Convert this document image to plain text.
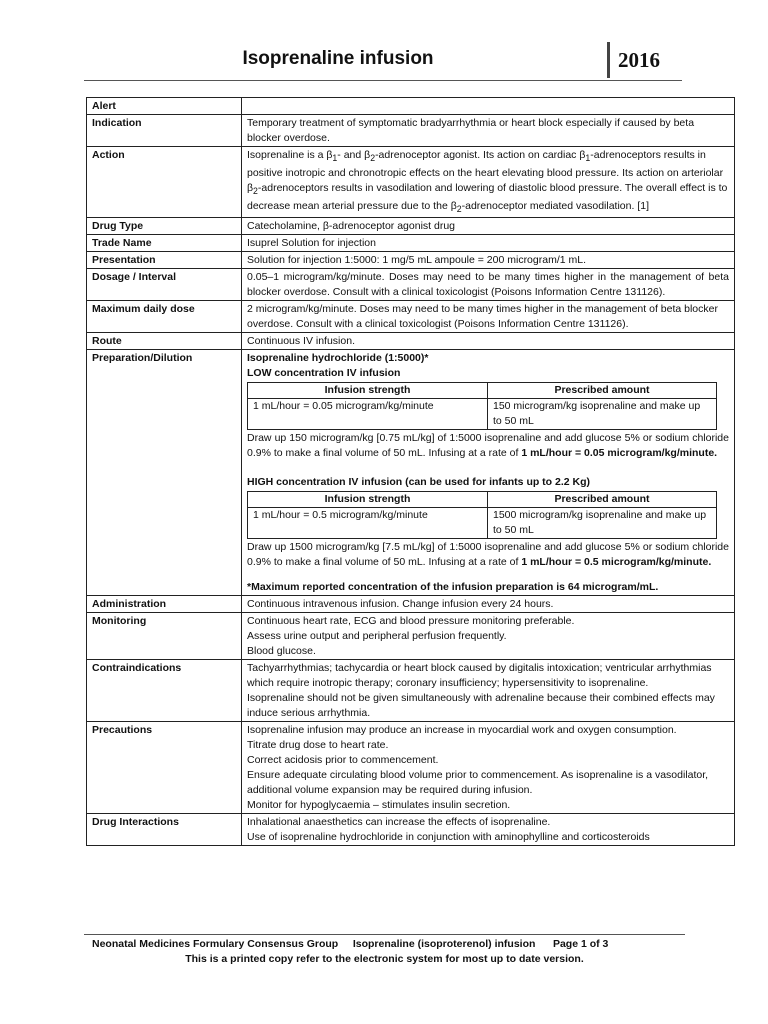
Isoprenaline infusion	2016
Alert	
Indication	Temporary treatment of symptomatic bradyarrhythmia or heart block especially if caused by beta blocker overdose.
Action	Isoprenaline is a $\beta_1-$ and $\beta_2$-adrenoceptor agonist. Its action on cardiac $\beta_1$-adrenoceptors results in positive inotropic and chronotropic effects on the heart elevating blood pressure. Its action on arteriolar $\beta_2$-adrenoceptors results in vasodilation and lowering of diastolic blood pressure. The overall effect is to decrease mean arterial pressure due to the $\beta_2$-adrenoceptor mediated vasodilation. [1]
Drug Type	Catecholamine, β-adrenoceptor agonist drug
Trade Name	Isuprel Solution for injection
Presentation	Solution for injection 1:5000: 1 mg/5 mL ampoule = 200 microgram/1 mL.
Dosage / Interval	0.05–1 microgram/kg/minute. Doses may need to be many times higher in the management of beta blocker overdose. Consult with a clinical toxicologist (Poisons Information Centre 131126).
Maximum daily dose	2 microgram/kg/minute. Doses may need to be many times higher in the management of beta blocker overdose. Consult with a clinical toxicologist (Poisons Information Centre 131126).
Route	Continuous IV infusion.
Preparation/Dilution	Isoprenaline hydrochloride (1:5000)*

LOW concentration IV infusion

Infusion strength	Prescribed amount
1 mL/hour = 0.05 microgram/kg/minute	150 microgram/kg isoprenaline and make up to 50 mL

Draw up 150 microgram/kg [0.75 mL/kg] of 1:5000 isoprenaline and add glucose 5% or sodium chloride 0.9% to make a final volume of 50 mL. Infusing at a rate of 1 mL/hour = 0.05 microgram/kg/minute.

HIGH concentration IV infusion (can be used for infants up to 2.2 Kg)

Infusion strength	Prescribed amount
1 mL/hour = 0.5 microgram/kg/minute	1500 microgram/kg isoprenaline and make up to 50 mL

Draw up 1500 microgram/kg [7.5 mL/kg] of 1:5000 isoprenaline and add glucose 5% or sodium chloride 0.9% to make a final volume of 50 mL. Infusing at a rate of 1 mL/hour = 0.5 microgram/kg/minute.

*Maximum reported concentration of the infusion preparation is 64 microgram/mL.

Administration	Continuous intravenous infusion. Change infusion every 24 hours.
Monitoring	Continuous heart rate, ECG and blood pressure monitoring preferable.

Assess urine output and peripheral perfusion frequently.

Blood glucose.

Contraindications	Tachyarrhythmias; tachycardia or heart block caused by digitalis intoxication; ventricular arrhythmias which require inotropic therapy; coronary insufficiency; hypersensitivity to isoprenaline.

Isoprenaline should not be given simultaneously with adrenaline because their combined effects may induce serious arrhythmia.

Precautions	Isoprenaline infusion may produce an increase in myocardial work and oxygen consumption.

Titrate drug dose to heart rate.

Correct acidosis prior to commencement.

Ensure adequate circulating blood volume prior to commencement. As isoprenaline is a vasodilator, additional volume expansion may be required during infusion.

Monitor for hypoglycaemia – stimulates insulin secretion.

Drug Interactions	Inhalational anaesthetics can increase the effects of isoprenaline.

Use of isoprenaline hydrochloride in conjunction with aminophylline and corticosteroids

Neonatal Medicines Formulary Consensus Group Isoprenaline (isoproterenol) infusion Page 1 of 3
This is a printed copy refer to the electronic system for most up to date version.
